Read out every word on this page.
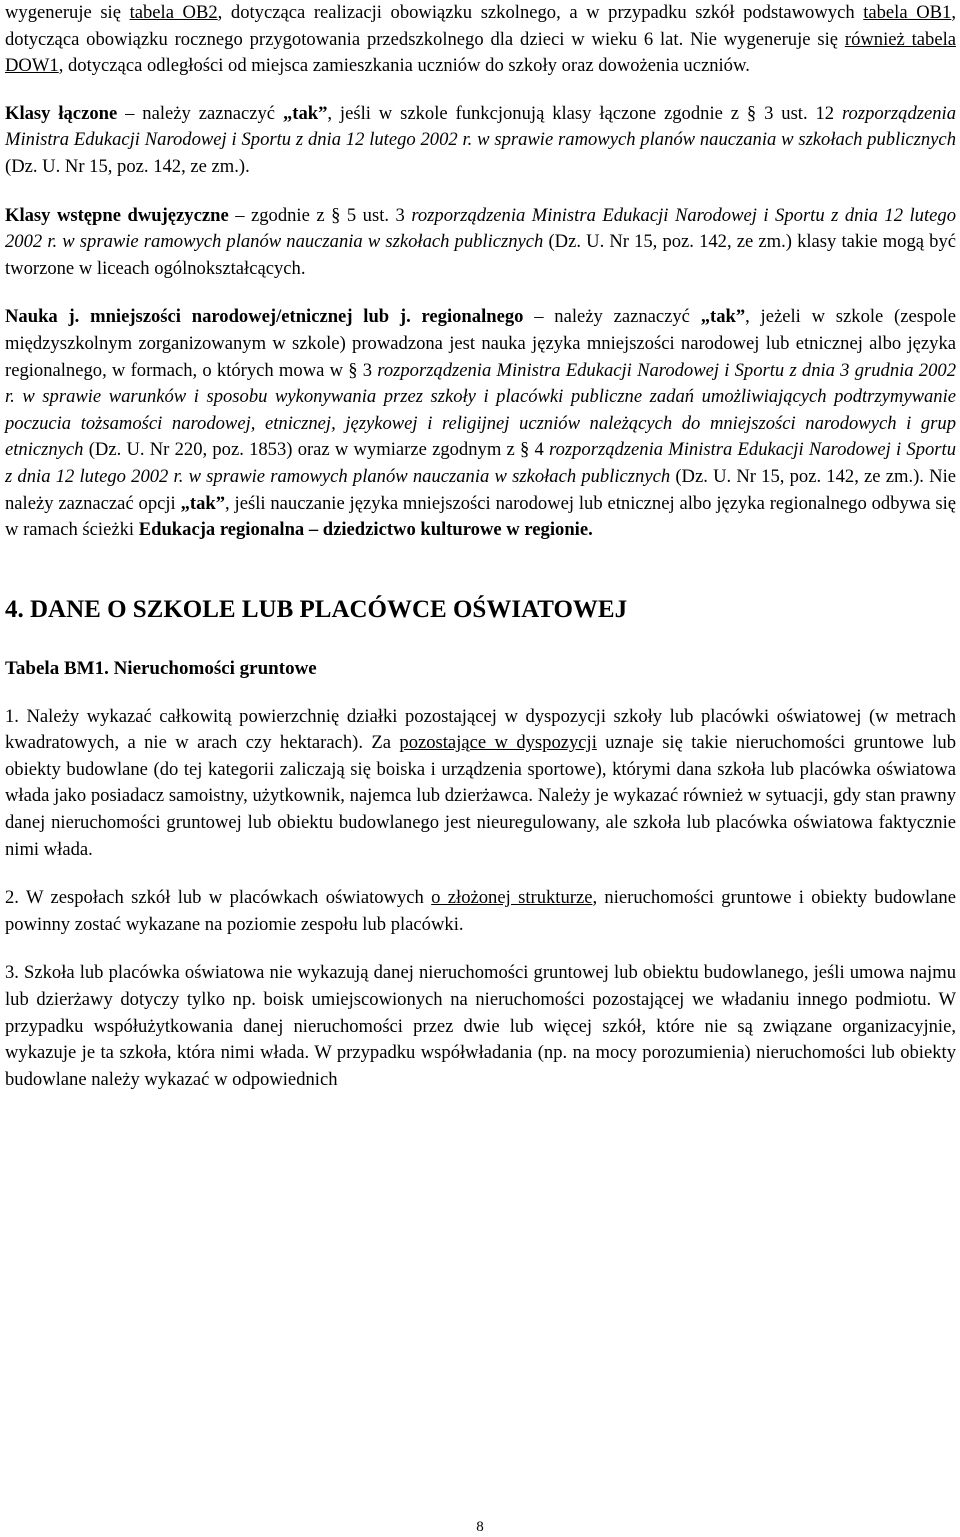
wygeneruje się tabela OB2, dotycząca realizacji obowiązku szkolnego, a w przypadku szkół podstawowych tabela OB1, dotycząca obowiązku rocznego przygotowania przedszkolnego dla dzieci w wieku 6 lat. Nie wygeneruje się również tabela DOW1, dotycząca odległości od miejsca zamieszkania uczniów do szkoły oraz dowożenia uczniów.

Klasy łączone – należy zaznaczyć „tak”, jeśli w szkole funkcjonują klasy łączone zgodnie z § 3 ust. 12 rozporządzenia Ministra Edukacji Narodowej i Sportu z dnia 12 lutego 2002 r. w sprawie ramowych planów nauczania w szkołach publicznych (Dz. U. Nr 15, poz. 142, ze zm.).

Klasy wstępne dwujęzyczne – zgodnie z § 5 ust. 3 rozporządzenia Ministra Edukacji Narodowej i Sportu z dnia 12 lutego 2002 r. w sprawie ramowych planów nauczania w szkołach publicznych (Dz. U. Nr 15, poz. 142, ze zm.) klasy takie mogą być tworzone w liceach ogólnokształcących.

Nauka j. mniejszości narodowej/etnicznej lub j. regionalnego – należy zaznaczyć „tak”, jeżeli w szkole (zespole międzyszkolnym zorganizowanym w szkole) prowadzona jest nauka języka mniejszości narodowej lub etnicznej albo języka regionalnego, w formach, o których mowa w § 3 rozporządzenia Ministra Edukacji Narodowej i Sportu z dnia 3 grudnia 2002 r. w sprawie warunków i sposobu wykonywania przez szkoły i placówki publiczne zadań umożliwiających podtrzymywanie poczucia tożsamości narodowej, etnicznej, językowej i religijnej uczniów należących do mniejszości narodowych i grup etnicznych (Dz. U. Nr 220, poz. 1853) oraz w wymiarze zgodnym z § 4 rozporządzenia Ministra Edukacji Narodowej i Sportu z dnia 12 lutego 2002 r. w sprawie ramowych planów nauczania w szkołach publicznych (Dz. U. Nr 15, poz. 142, ze zm.). Nie należy zaznaczać opcji „tak”, jeśli nauczanie języka mniejszości narodowej lub etnicznej albo języka regionalnego odbywa się w ramach ścieżki Edukacja regionalna – dziedzictwo kulturowe w regionie.

4. DANE O SZKOLE LUB PLACÓWCE OŚWIATOWEJ
Tabela BM1. Nieruchomości gruntowe

1. Należy wykazać całkowitą powierzchnię działki pozostającej w dyspozycji szkoły lub placówki oświatowej (w metrach kwadratowych, a nie w arach czy hektarach). Za pozostające w dyspozycji uznaje się takie nieruchomości gruntowe lub obiekty budowlane (do tej kategorii zaliczają się boiska i urządzenia sportowe), którymi dana szkoła lub placówka oświatowa włada jako posiadacz samoistny, użytkownik, najemca lub dzierżawca. Należy je wykazać również w sytuacji, gdy stan prawny danej nieruchomości gruntowej lub obiektu budowlanego jest nieuregulowany, ale szkoła lub placówka oświatowa faktycznie nimi włada.

2. W zespołach szkół lub w placówkach oświatowych o złożonej strukturze, nieruchomości gruntowe i obiekty budowlane powinny zostać wykazane na poziomie zespołu lub placówki.

3. Szkoła lub placówka oświatowa nie wykazują danej nieruchomości gruntowej lub obiektu budowlanego, jeśli umowa najmu lub dzierżawy dotyczy tylko np. boisk umiejscowionych na nieruchomości pozostającej we władaniu innego podmiotu. W przypadku współużytkowania danej nieruchomości przez dwie lub więcej szkół, które nie są związane organizacyjnie, wykazuje je ta szkoła, która nimi włada. W przypadku współwładania (np. na mocy porozumienia) nieruchomości lub obiekty budowlane należy wykazać w odpowiednich

8
